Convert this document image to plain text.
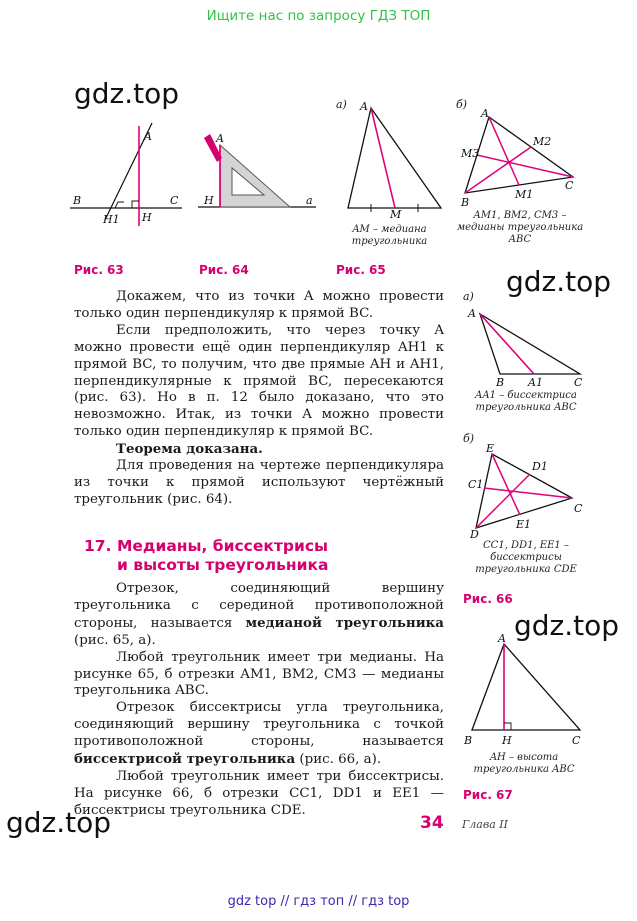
Ищите нас по запросу ГДЗ ТОП
gdz.top
gdz.top
gdz.top
gdz.top
A
B	C
H
H1
A
H	a
а) A
M
AM – медиана треугольника
б)
A
B
C
M1
M2
M3
AM1, BM2, CM3 – медианы треугольника ABC
Рис. 63	Рис. 64	Рис. 65
а)
A
B A1	C
AA1 – биссектриса треугольника ABC
б)
E
D1
C1
C
D
E1
CC1, DD1, EE1 – биссектрисы треугольника CDE
Рис. 66
A
B	H	C
AH – высота треугольника ABC
Рис. 67

Докажем, что из точки A можно провести только один перпендикуляр к прямой BC.

Если предположить, что через точку A можно провести ещё один перпендикуляр AH1 к прямой BC, то получим, что две прямые AH и AH1, перпендикулярные к прямой BC, пересекаются (рис. 63). Но в п. 12 было доказано, что это невозможно. Итак, из точки A можно провести только один перпендикуляр к прямой BC.

Теорема доказана.

Для проведения на чертеже перпендикуляра из точки к прямой используют чертёжный треугольник (рис. 64).

17. Медианы, биссектрисы
и высоты треугольника

Отрезок, соединяющий вершину треугольника с серединой противоположной стороны, называется медианой треугольника (рис. 65, а).

Любой треугольник имеет три медианы. На рисунке 65, б отрезки AM1, BM2, CM3 — медианы треугольника ABC.

Отрезок биссектрисы угла треугольника, соединяющий вершину треугольника с точкой противоположной стороны, называется биссектрисой треугольника (рис. 66, а).

Любой треугольник имеет три биссектрисы. На рисунке 66, б отрезки CC1, DD1 и EE1 — биссектрисы треугольника CDE.

34 Глава II
gdz top // гдз топ // гдз top
